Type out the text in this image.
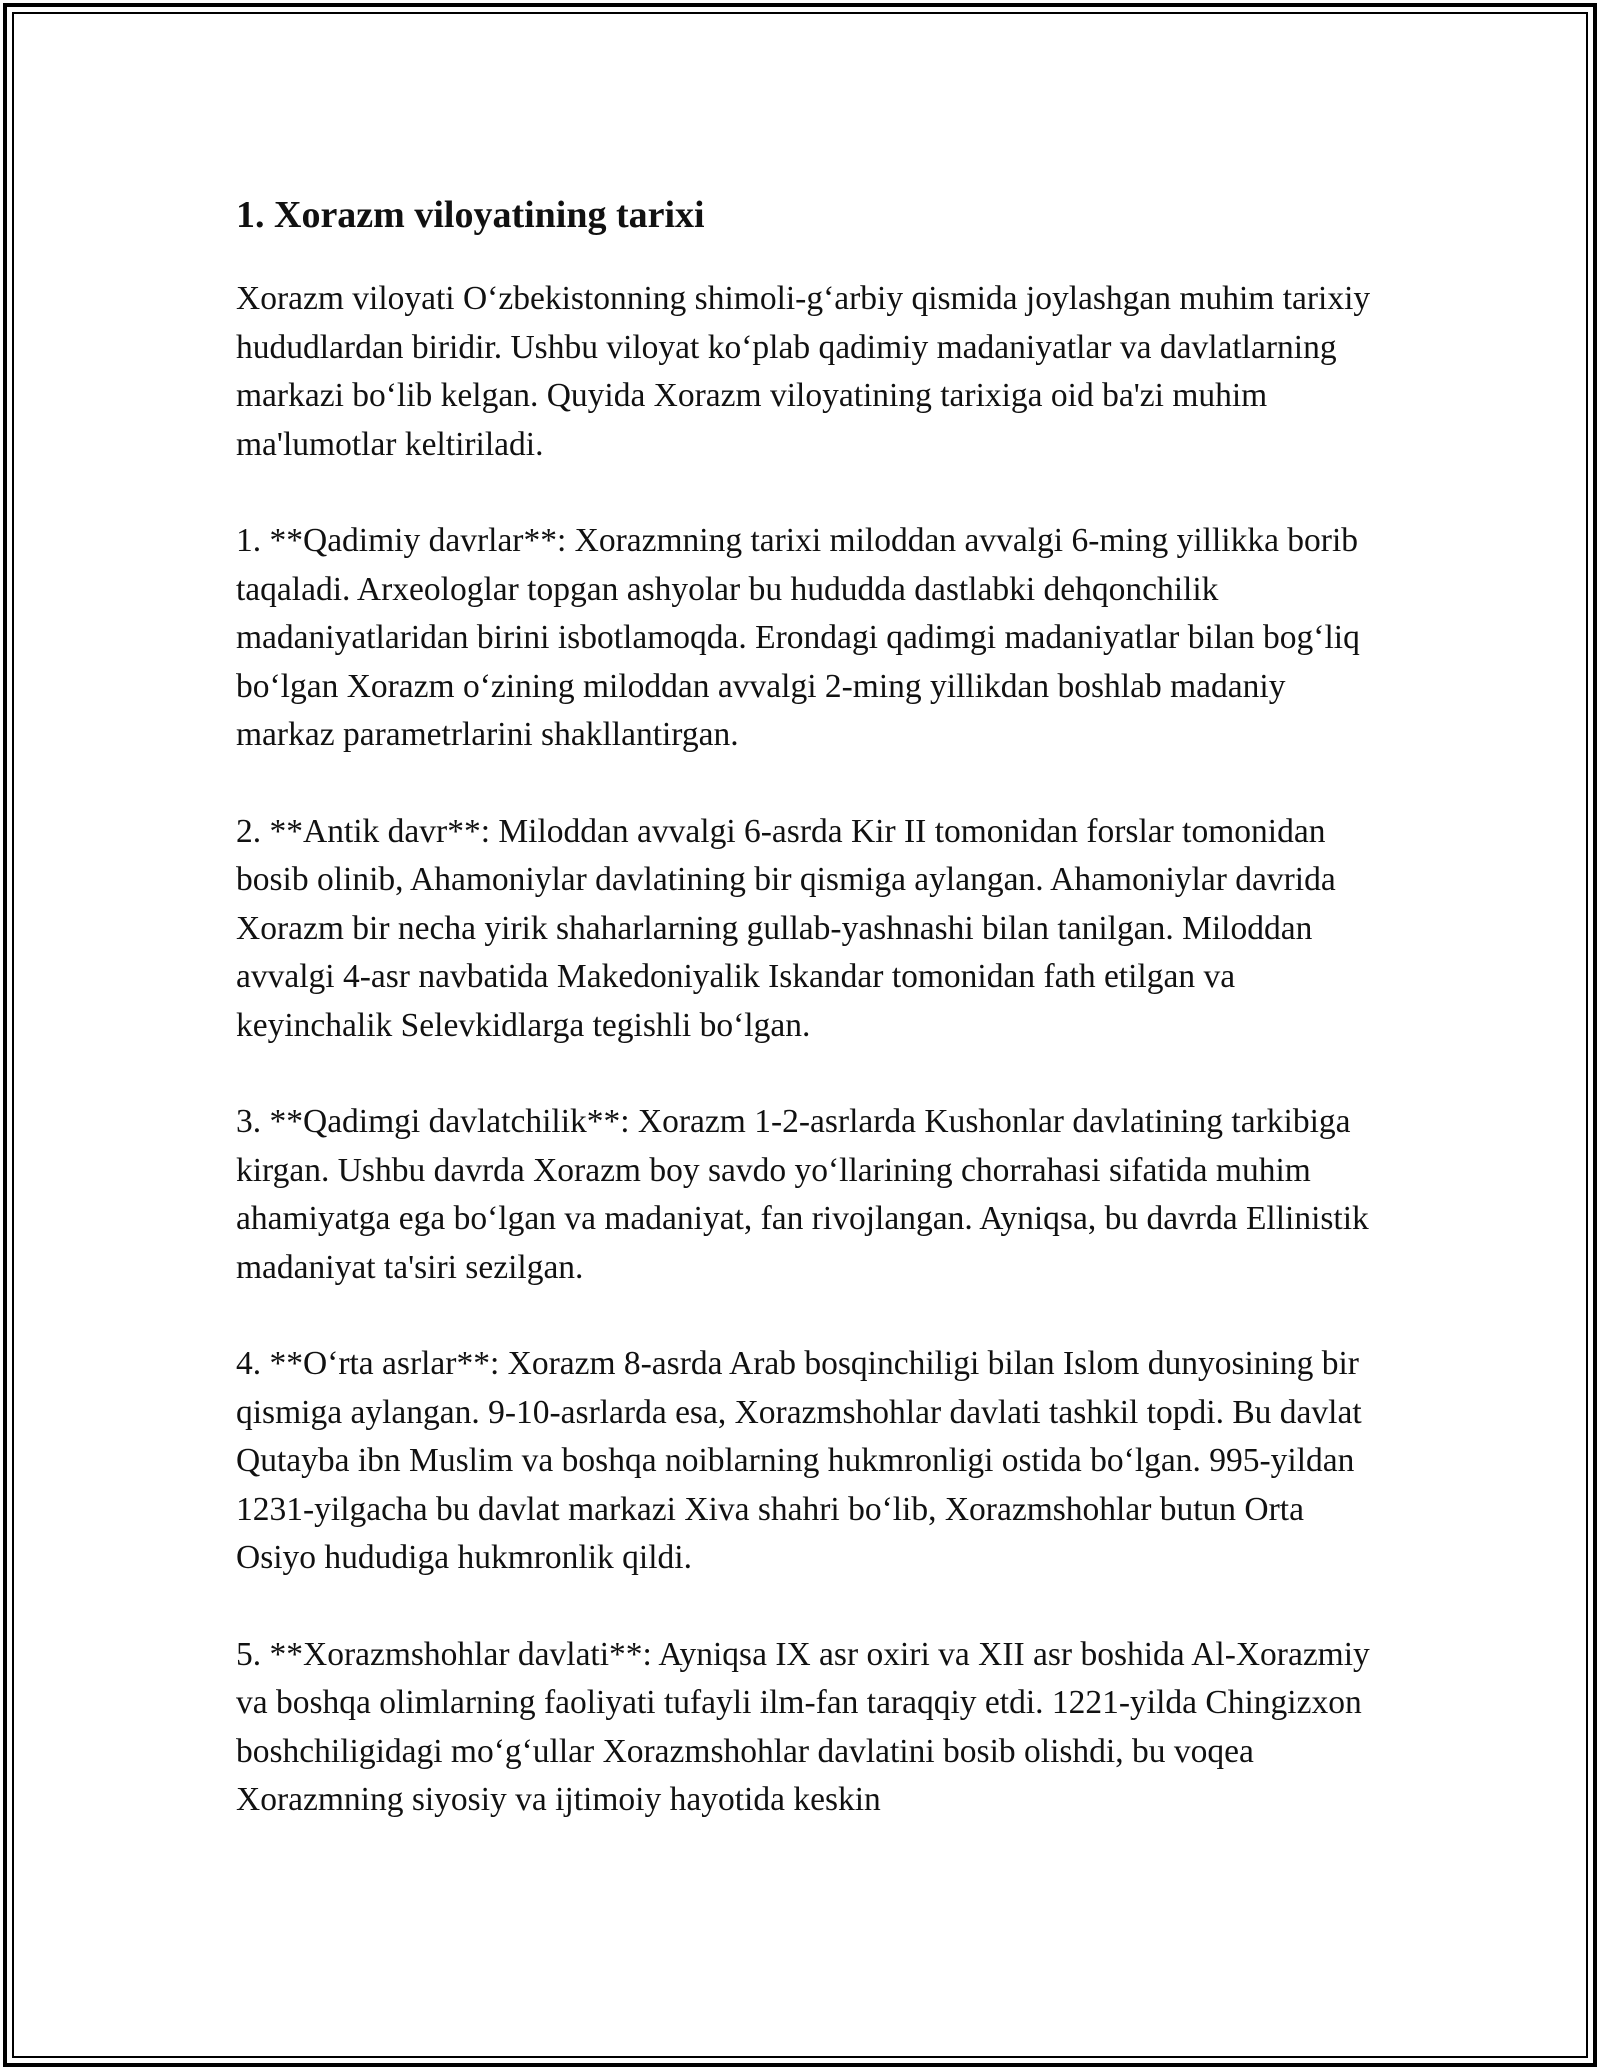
1. Xorazm viloyatining tarixi

Xorazm viloyati O‘zbekistonning shimoli-g‘arbiy qismida joylashgan muhim tarixiy hududlardan biridir. Ushbu viloyat ko‘plab qadimiy madaniyatlar va davlatlarning markazi bo‘lib kelgan. Quyida Xorazm viloyatining tarixiga oid ba'zi muhim ma'lumotlar keltiriladi.

1. **Qadimiy davrlar**: Xorazmning tarixi miloddan avvalgi 6-ming yillikka borib taqaladi. Arxeologlar topgan ashyolar bu hududda dastlabki dehqonchilik madaniyatlaridan birini isbotlamoqda. Erondagi qadimgi madaniyatlar bilan bog‘liq bo‘lgan Xorazm o‘zining miloddan avvalgi 2-ming yillikdan boshlab madaniy markaz parametrlarini shakllantirgan.

2. **Antik davr**: Miloddan avvalgi 6-asrda Kir II tomonidan forslar tomonidan bosib olinib, Ahamoniylar davlatining bir qismiga aylangan. Ahamoniylar davrida Xorazm bir necha yirik shaharlarning gullab-yashnashi bilan tanilgan. Miloddan avvalgi 4-asr navbatida Makedoniyalik Iskandar tomonidan fath etilgan va keyinchalik Selevkidlarga tegishli bo‘lgan.

3. **Qadimgi davlatchilik**: Xorazm 1-2-asrlarda Kushonlar davlatining tarkibiga kirgan. Ushbu davrda Xorazm boy savdo yo‘llarining chorrahasi sifatida muhim ahamiyatga ega bo‘lgan va madaniyat, fan rivojlangan. Ayniqsa, bu davrda Ellinistik madaniyat ta'siri sezilgan.

4. **O‘rta asrlar**: Xorazm 8-asrda Arab bosqinchiligi bilan Islom dunyosining bir qismiga aylangan. 9-10-asrlarda esa, Xorazmshohlar davlati tashkil topdi. Bu davlat Qutayba ibn Muslim va boshqa noiblarning hukmronligi ostida bo‘lgan. 995-yildan 1231-yilgacha bu davlat markazi Xiva shahri bo‘lib, Xorazmshohlar butun Orta Osiyo hududiga hukmronlik qildi.

5. **Xorazmshohlar davlati**: Ayniqsa IX asr oxiri va XII asr boshida Al-Xorazmiy va boshqa olimlarning faoliyati tufayli ilm-fan taraqqiy etdi. 1221-yilda Chingizxon boshchiligidagi mo‘g‘ullar Xorazmshohlar davlatini bosib olishdi, bu voqea Xorazmning siyosiy va ijtimoiy hayotida keskin
